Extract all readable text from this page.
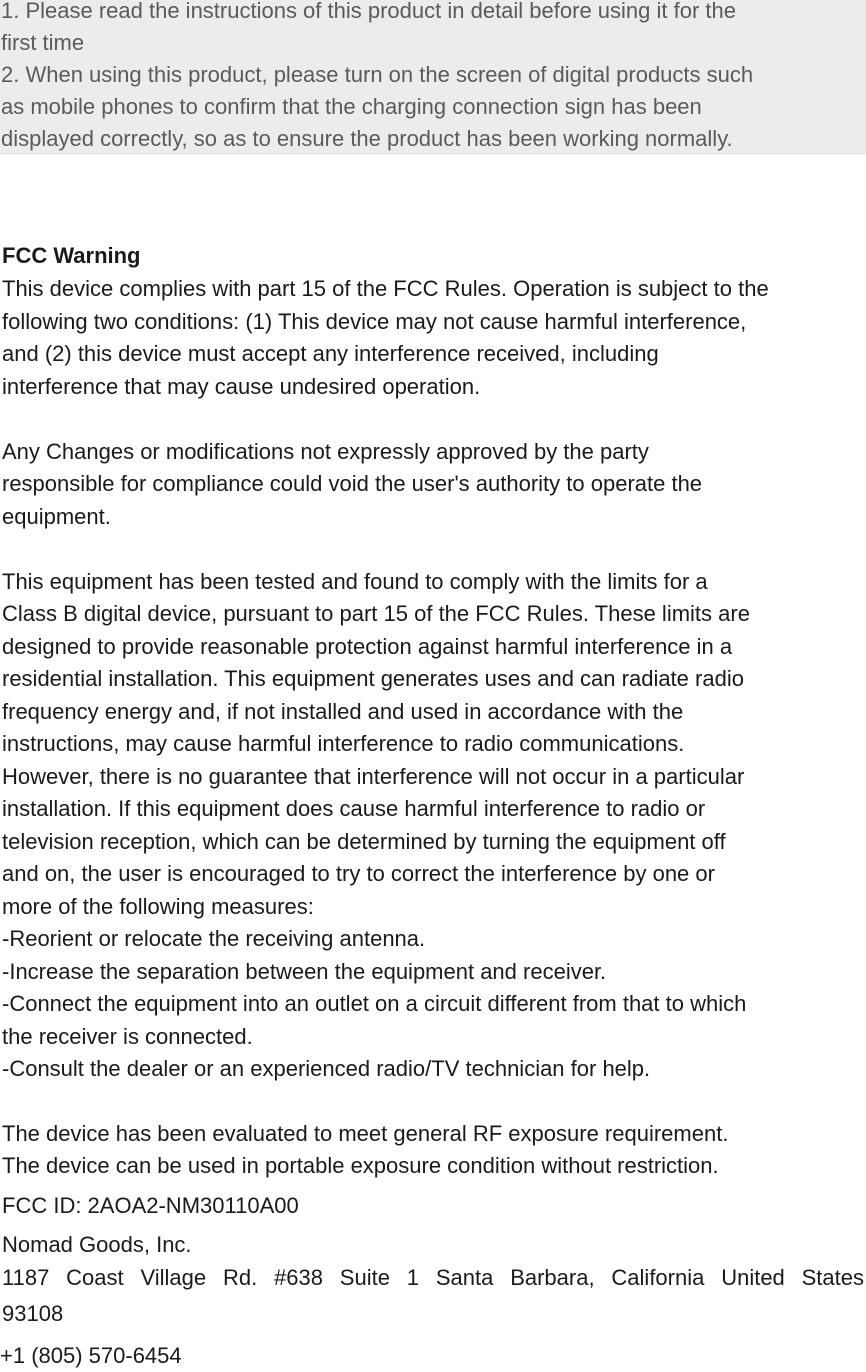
1. Please read the instructions of this product in detail before using it for the
first time
2. When using this product, please turn on the screen of digital products such
as mobile phones to confirm that the charging connection sign has been
displayed correctly, so as to ensure the product has been working normally.
FCC Warning
This device complies with part 15 of the FCC Rules. Operation is subject to the
following two conditions: (1) This device may not cause harmful interference,
and (2) this device must accept any interference received, including
interference that may cause undesired operation.
Any Changes or modifications not expressly approved by the party
responsible for compliance could void the user's authority to operate the
equipment.
This equipment has been tested and found to comply with the limits for a
Class B digital device, pursuant to part 15 of the FCC Rules. These limits are
designed to provide reasonable protection against harmful interference in a
residential installation. This equipment generates uses and can radiate radio
frequency energy and, if not installed and used in accordance with the
instructions, may cause harmful interference to radio communications.
However, there is no guarantee that interference will not occur in a particular
installation. If this equipment does cause harmful interference to radio or
television reception, which can be determined by turning the equipment off
and on, the user is encouraged to try to correct the interference by one or
more of the following measures:
-Reorient or relocate the receiving antenna.
-Increase the separation between the equipment and receiver.
-Connect the equipment into an outlet on a circuit different from that to which
the receiver is connected.
-Consult the dealer or an experienced radio/TV technician for help.
The device has been evaluated to meet general RF exposure requirement.
The device can be used in portable exposure condition without restriction.
FCC ID: 2AOA2-NM30110A00
Nomad Goods, Inc.
1187 Coast Village Rd. #638 Suite 1 Santa Barbara, California United States
93108
+1 (805) 570-6454
